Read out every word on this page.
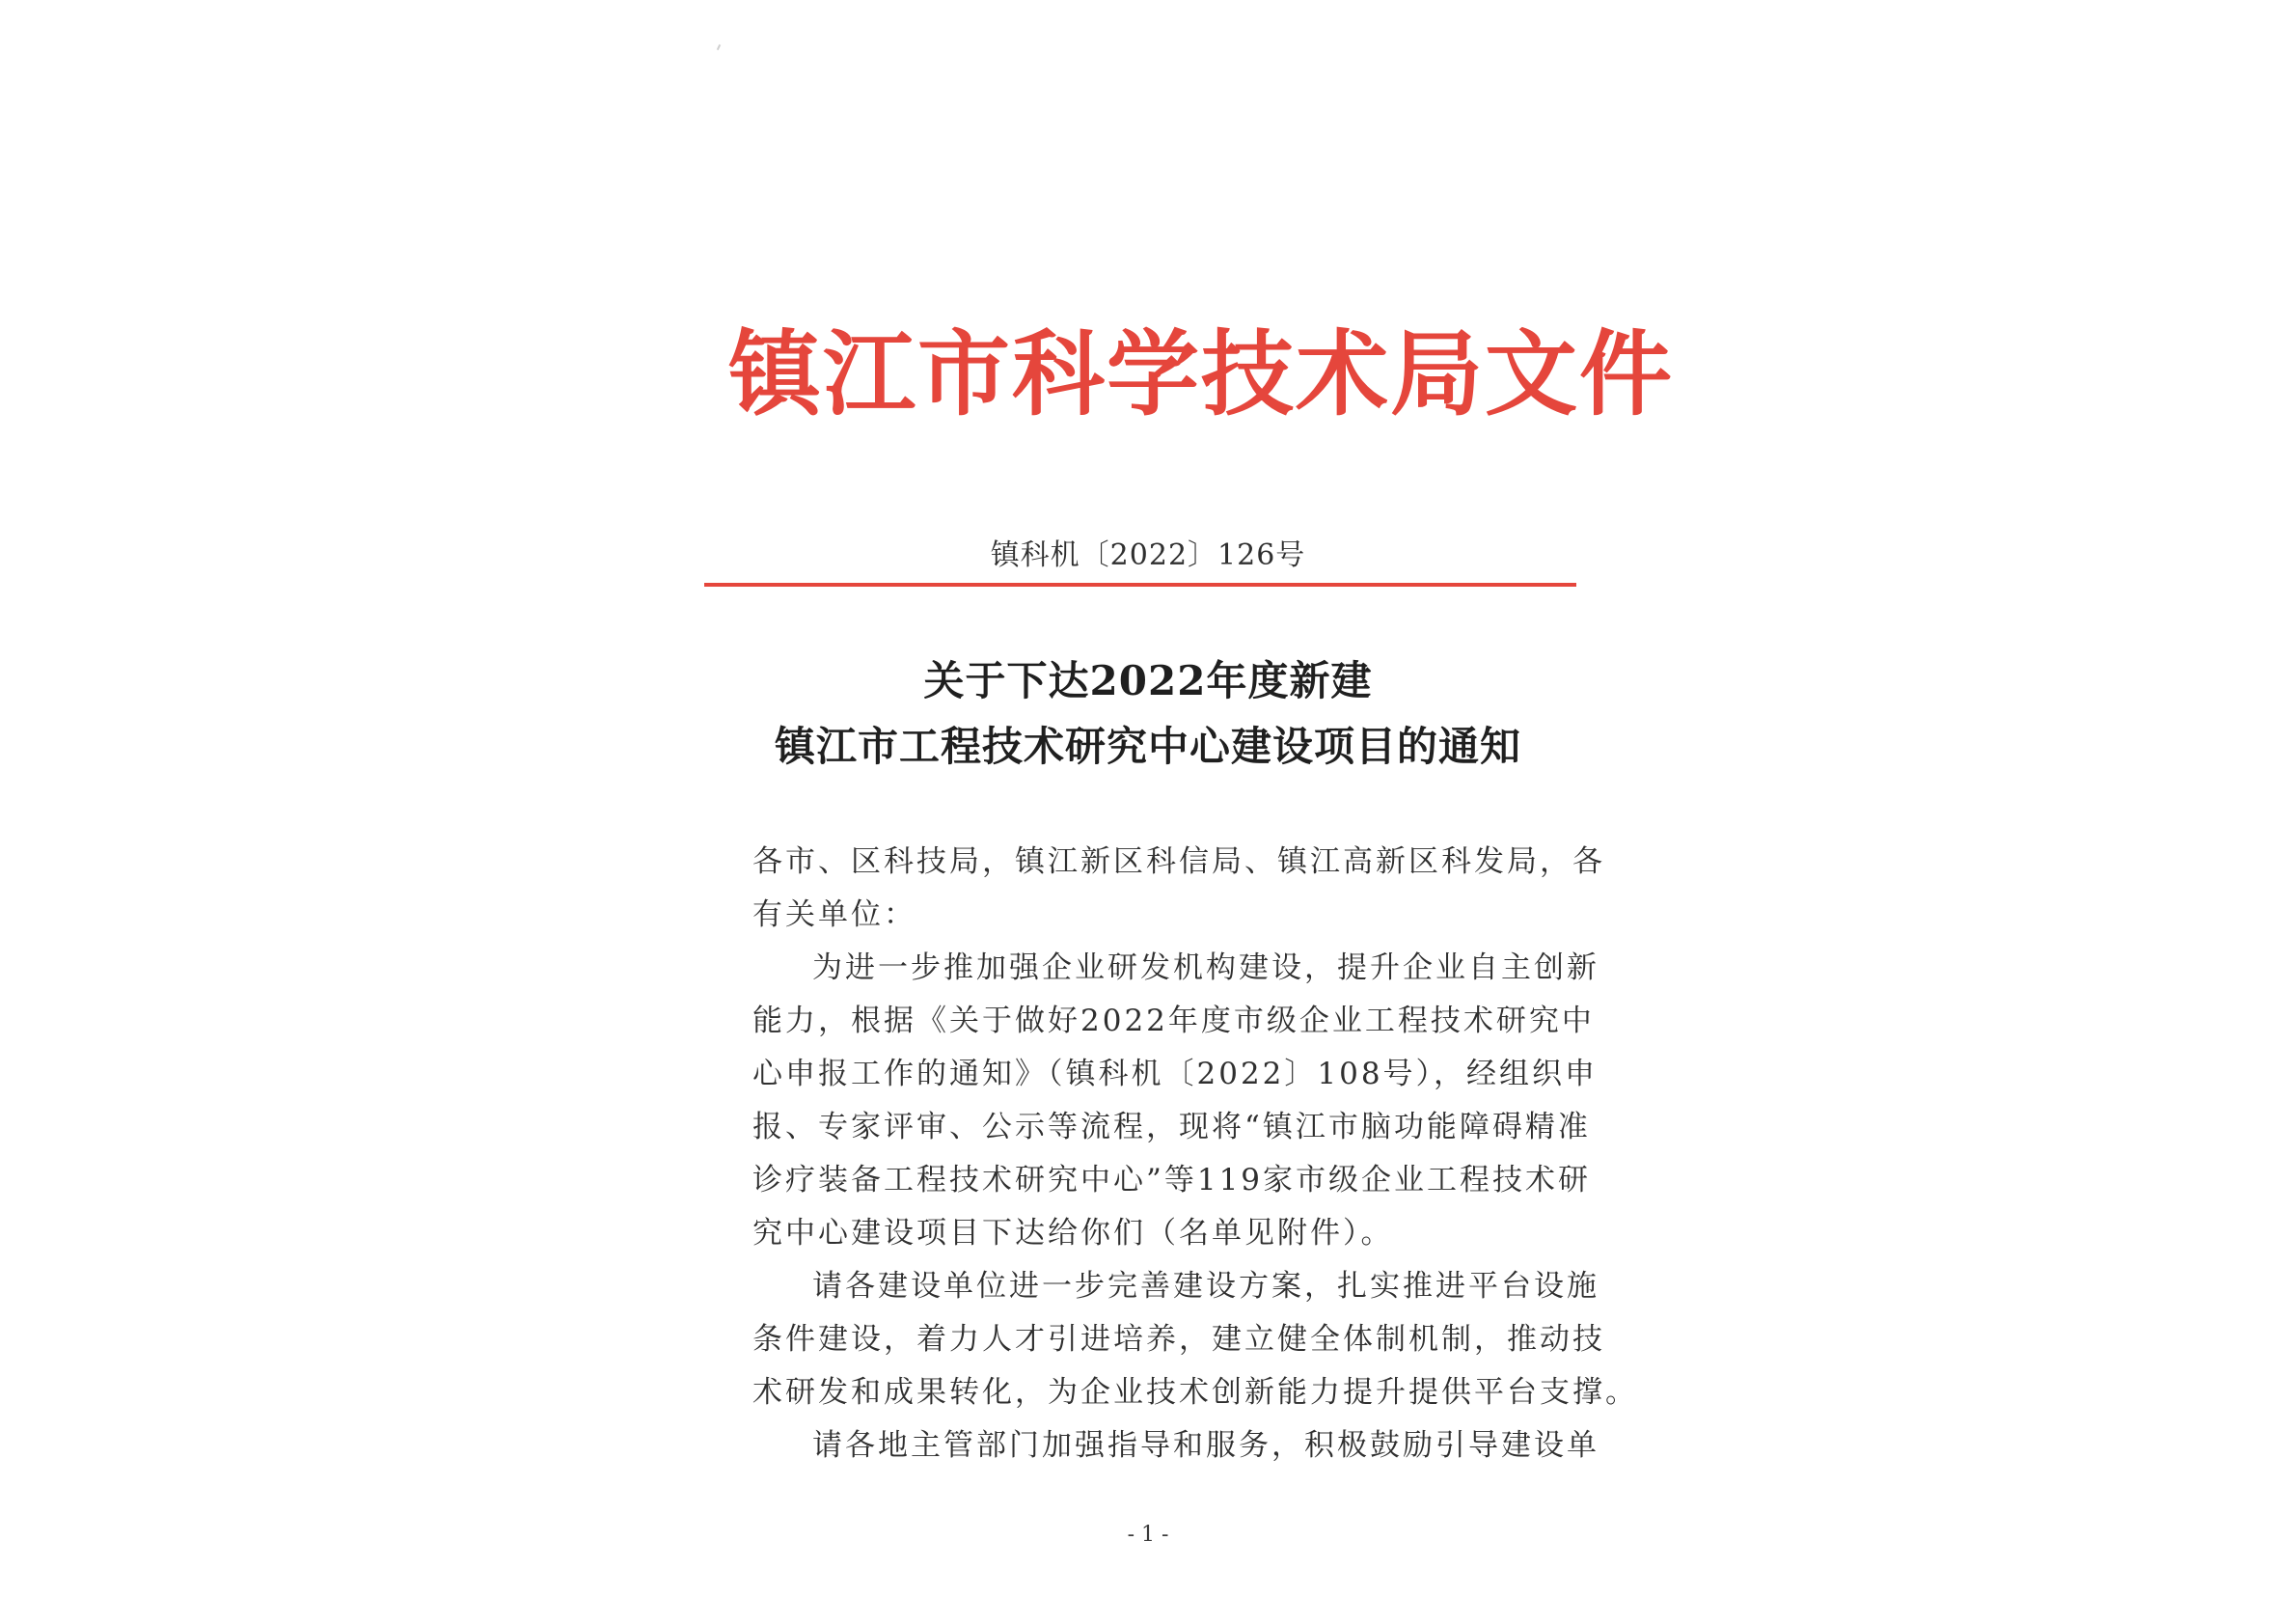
镇江市科学技术局文件
镇科机〔2022〕126号
关于下达2022年度新建
镇江市工程技术研究中心建设项目的通知

各市、区科技局，镇江新区科信局、镇江高新区科发局，各

有关单位：

为进一步推加强企业研发机构建设，提升企业自主创新

能力，根据《关于做好2022年度市级企业工程技术研究中

心申报工作的通知》（镇科机〔2022〕108号），经组织申

报、专家评审、公示等流程，现将“镇江市脑功能障碍精准

诊疗装备工程技术研究中心”等119家市级企业工程技术研

究中心建设项目下达给你们（名单见附件）。

请各建设单位进一步完善建设方案，扎实推进平台设施

条件建设，着力人才引进培养，建立健全体制机制，推动技

术研发和成果转化，为企业技术创新能力提升提供平台支撑。

请各地主管部门加强指导和服务，积极鼓励引导建设单

- 1 -
